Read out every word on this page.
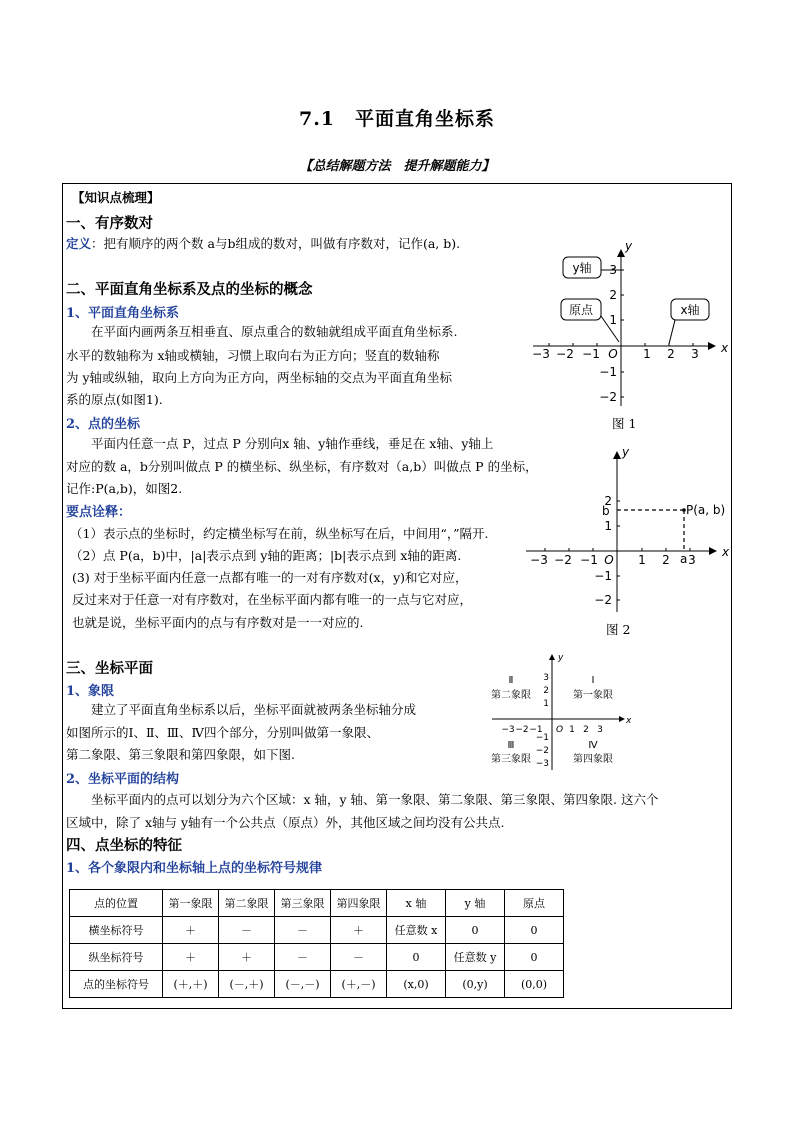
7.1　平面直角坐标系
【总结解题方法　提升解题能力】
【知识点梳理】
一、有序数对
定义：把有顺序的两个数 a与b组成的数对，叫做有序数对，记作(a, b).
二、平面直角坐标系及点的坐标的概念
1、平面直角坐标系
在平面内画两条互相垂直、原点重合的数轴就组成平面直角坐标系.
水平的数轴称为 x轴或横轴，习惯上取向右为正方向；竖直的数轴称
为 y轴或纵轴，取向上方向为正方向，两坐标轴的交点为平面直角坐标
系的原点(如图1).
2、点的坐标
平面内任意一点 P，过点 P 分别向x 轴、y轴作垂线，垂足在 x轴、y轴上
对应的数 a，b分别叫做点 P 的横坐标、纵坐标，有序数对（a,b）叫做点 P 的坐标，
记作:P(a,b)，如图2.
要点诠释：
（1）表示点的坐标时，约定横坐标写在前，纵坐标写在后，中间用“，”隔开.
（2）点 P(a，b)中，|a|表示点到 y轴的距离；|b|表示点到 x轴的距离.
(3) 对于坐标平面内任意一点都有唯一的一对有序数对(x，y)和它对应，
反过来对于任意一对有序数对，在坐标平面内都有唯一的一点与它对应，
也就是说，坐标平面内的点与有序数对是一一对应的.
−3 −2 −1	1 2 3
O
3
2
1
−1
−2
x
y
y轴
原点	x轴
图 1
P(a, b)
b
a
−3 −2 −1	1 2 3
O
2
1
−1
−2
x
y
图 2
三、坐标平面
1、象限
建立了平面直角坐标系以后，坐标平面就被两条坐标轴分成
如图所示的Ⅰ、Ⅱ、Ⅲ、Ⅳ四个部分，分别叫做第一象限、
第二象限、第三象限和第四象限，如下图.
−3 −2 −1	1 2 3
O
3
2
1
−1
−2
−3
x
y
Ⅱ
第二象限
Ⅰ
第一象限
Ⅲ
第三象限
Ⅳ
第四象限
2、坐标平面的结构
坐标平面内的点可以划分为六个区域：x 轴，y 轴、第一象限、第二象限、第三象限、第四象限. 这六个
区域中，除了 x轴与 y轴有一个公共点（原点）外，其他区域之间均没有公共点.
四、点坐标的特征
1、各个象限内和坐标轴上点的坐标符号规律
点的位置	第一象限	第二象限	第三象限	第四象限	x 轴	y 轴	原点
横坐标符号	＋	－	－	＋	任意数 x	0	0
纵坐标符号	＋	＋	－	－	0	任意数 y	0
点的坐标符号	(＋,＋)	(－,＋)	(－,－)	(＋,－)	(x,0)	(0,y)	(0,0)
